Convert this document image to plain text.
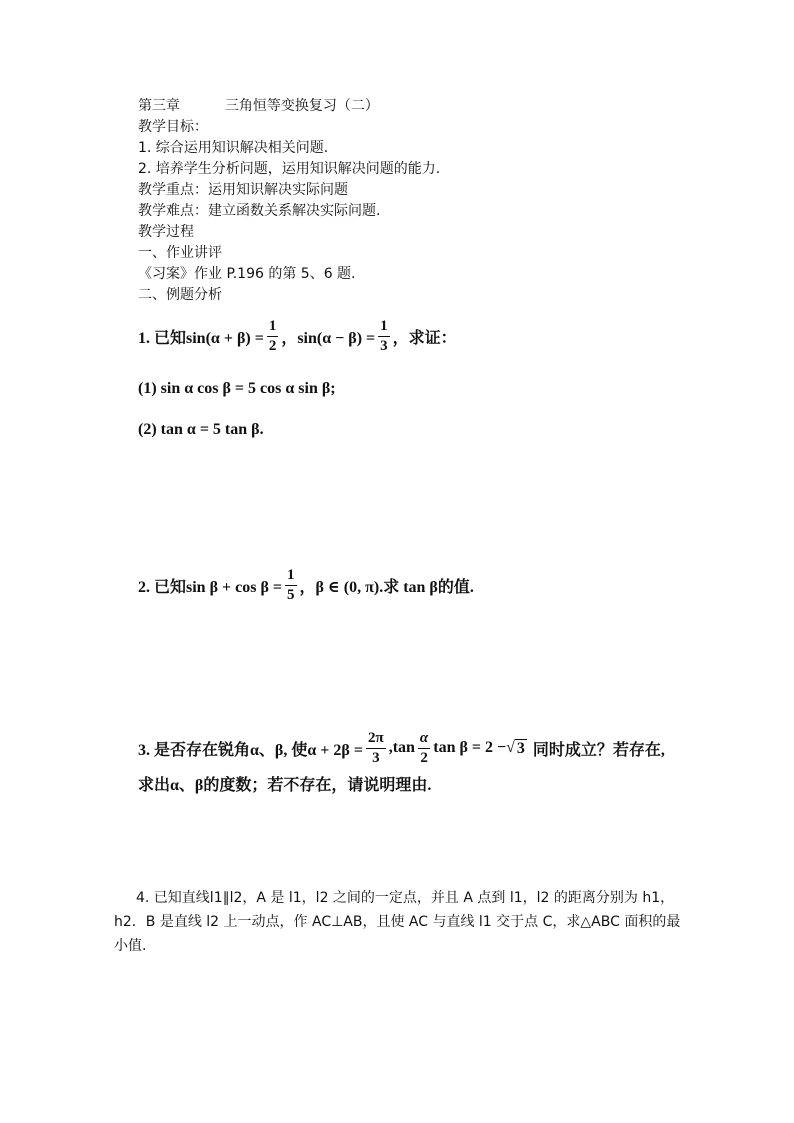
第三章	三角恒等变换复习（二）
教学目标：
1. 综合运用知识解决相关问题.
2. 培养学生分析问题，运用知识解决问题的能力.
教学重点：运用知识解决实际问题
教学难点：建立函数关系解决实际问题.
教学过程
一、作业讲评
《习案》作业 P.196 的第 5、6 题.
二、例题分析
1. 已知$\sin(\alpha + \beta) = \frac{1}{2}$ ，$\sin(\alpha - \beta) = \frac{1}{3}$ ，求证：
(1) sin α cos β = 5 cos α sin β;
(2) tan α = 5 tan β.
2. 已知$\sin \beta + \cos \beta = \frac{1}{5}$ ，β ∈ (0, π).求 tan β的值.
3. 是否存在锐角α、β, 使$\alpha + 2\beta = \frac{2\pi}{3} ,\tan \frac{\alpha}{2}$ tan β = 2 − √ 3 同时成立？若存在,
求出α、β的度数；若不存在，请说明理由.
4. 已知直线l1∥l2，A 是 l1，l2 之间的一定点，并且 A 点到 l1，l2 的距离分别为 h1，h2．B 是直线 l2 上一动点，作 AC⊥AB，且使 AC 与直线 l1 交于点 C，求△ABC 面积的最小值.
